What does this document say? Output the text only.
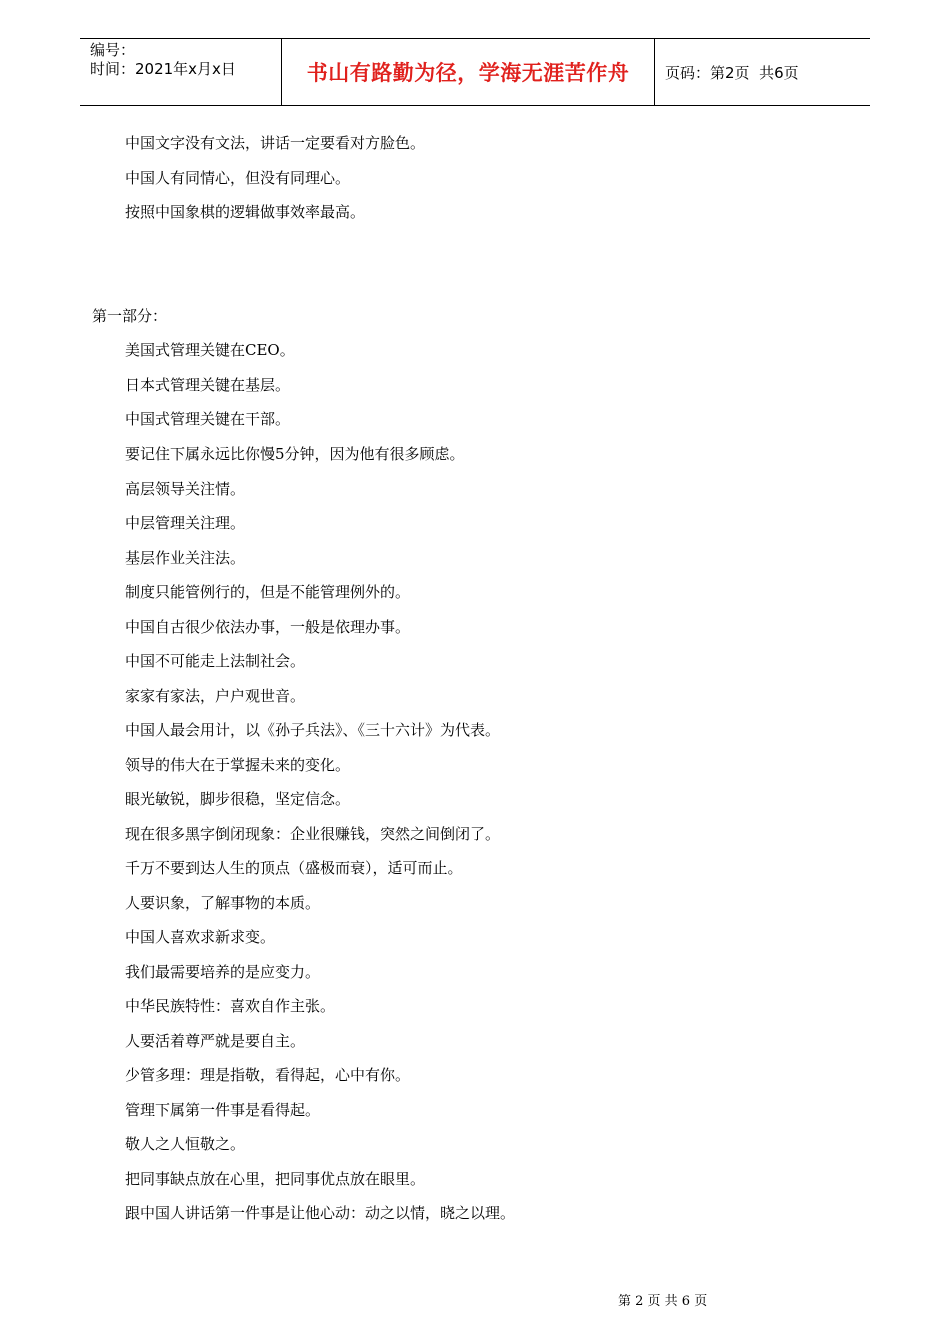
编号：
时间：2021年x月x日	书山有路勤为径，学海无涯苦作舟 页码：第2页  共6页
中国文字没有文法，讲话一定要看对方脸色。
中国人有同情心，但没有同理心。
按照中国象棋的逻辑做事效率最高。
第一部分：
美国式管理关键在CEO。
日本式管理关键在基层。
中国式管理关键在干部。
要记住下属永远比你慢5分钟，因为他有很多顾虑。
高层领导关注情。
中层管理关注理。
基层作业关注法。
制度只能管例行的，但是不能管理例外的。
中国自古很少依法办事，一般是依理办事。
中国不可能走上法制社会。
家家有家法，户户观世音。
中国人最会用计，以《孙子兵法》、《三十六计》为代表。
领导的伟大在于掌握未来的变化。
眼光敏锐，脚步很稳，坚定信念。
现在很多黑字倒闭现象：企业很赚钱，突然之间倒闭了。
千万不要到达人生的顶点（盛极而衰），适可而止。
人要识象，了解事物的本质。
中国人喜欢求新求变。
我们最需要培养的是应变力。
中华民族特性：喜欢自作主张。
人要活着尊严就是要自主。
少管多理：理是指敬，看得起，心中有你。
管理下属第一件事是看得起。
敬人之人恒敬之。
把同事缺点放在心里，把同事优点放在眼里。
跟中国人讲话第一件事是让他心动：动之以情，晓之以理。
第 2 页 共 6 页
